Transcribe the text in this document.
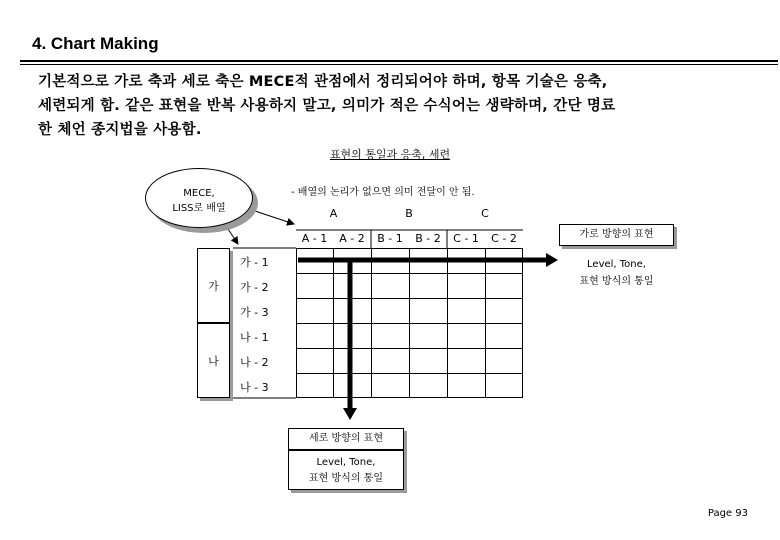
4. Chart Making
기본적으로 가로 축과 세로 축은 MECE적 관점에서 정리되어야 하며, 항목 기술은 응축,
세련되게 함. 같은 표현을 반복 사용하지 말고, 의미가 적은 수식어는 생략하며, 간단 명료
한 체언 종지법을 사용함.
표현의 통일과 응축, 세련
- 배열의 논리가 없으면 의미 전달이 안 됨.
MECE,
LISS로 배열	A	B	C
A - 1	A - 2	B - 1	B - 2	C - 1	C - 2
가
나
가 - 1
가 - 2
가 - 3
나 - 1
나 - 2
나 - 3
가로 방향의 표현
Level, Tone,
표현 방식의 통일
세로 방향의 표현
Level, Tone,
표현 방식의 통일
Page 93
